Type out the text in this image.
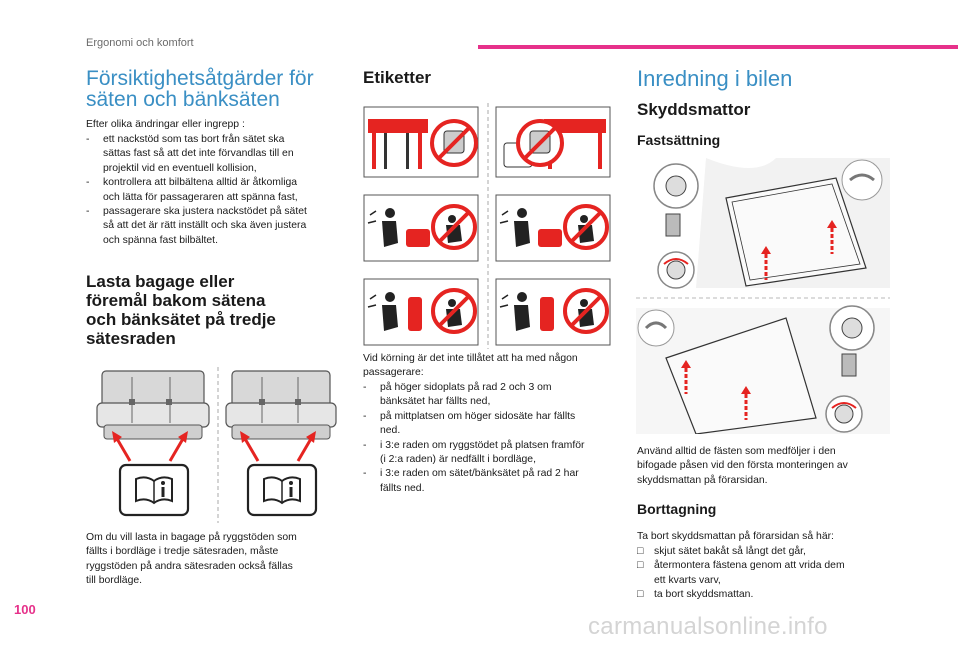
Ergonomi och komfort
Försiktighetsåtgärder för
säten och bänksäten
Efter olika ändringar eller ingrepp :
- ett nackstöd som tas bort från sätet ska
sättas fast så att det inte förvandlas till en
projektil vid en eventuell kollision,
- kontrollera att bilbältena alltid är åtkomliga
och lätta för passageraren att spänna fast,
- passagerare ska justera nackstödet på sätet
så att det är rätt inställt och ska även justera
och spänna fast bilbältet.
Lasta bagage eller
föremål bakom sätena
och bänksätet på tredje
sätesraden
Om du vill lasta in bagage på ryggstöden som
fällts i bordläge i tredje sätesraden, måste
ryggstöden på andra sätesraden också fällas
till bordläge.
Etiketter
Vid körning är det inte tillåtet att ha med någon
passagerare:
- på höger sidoplats på rad 2 och 3 om
bänksätet har fällts ned,
- på mittplatsen om höger sidosäte har fällts
ned.
- i 3:e raden om ryggstödet på platsen framför
(i 2:a raden) är nedfällt i bordläge,
- i 3:e raden om sätet/bänksätet på rad 2 har
fällts ned.
Inredning i bilen
Skyddsmattor
Fastsättning
Använd alltid de fästen som medföljer i den
bifogade påsen vid den första monteringen av
skyddsmattan på förarsidan.
Borttagning
Ta bort skyddsmattan på förarsidan så här:
□ skjut sätet bakåt så långt det går,
□ återmontera fästena genom att vrida dem
ett kvarts varv,
□ ta bort skyddsmattan.
100
carmanualsonline.info
